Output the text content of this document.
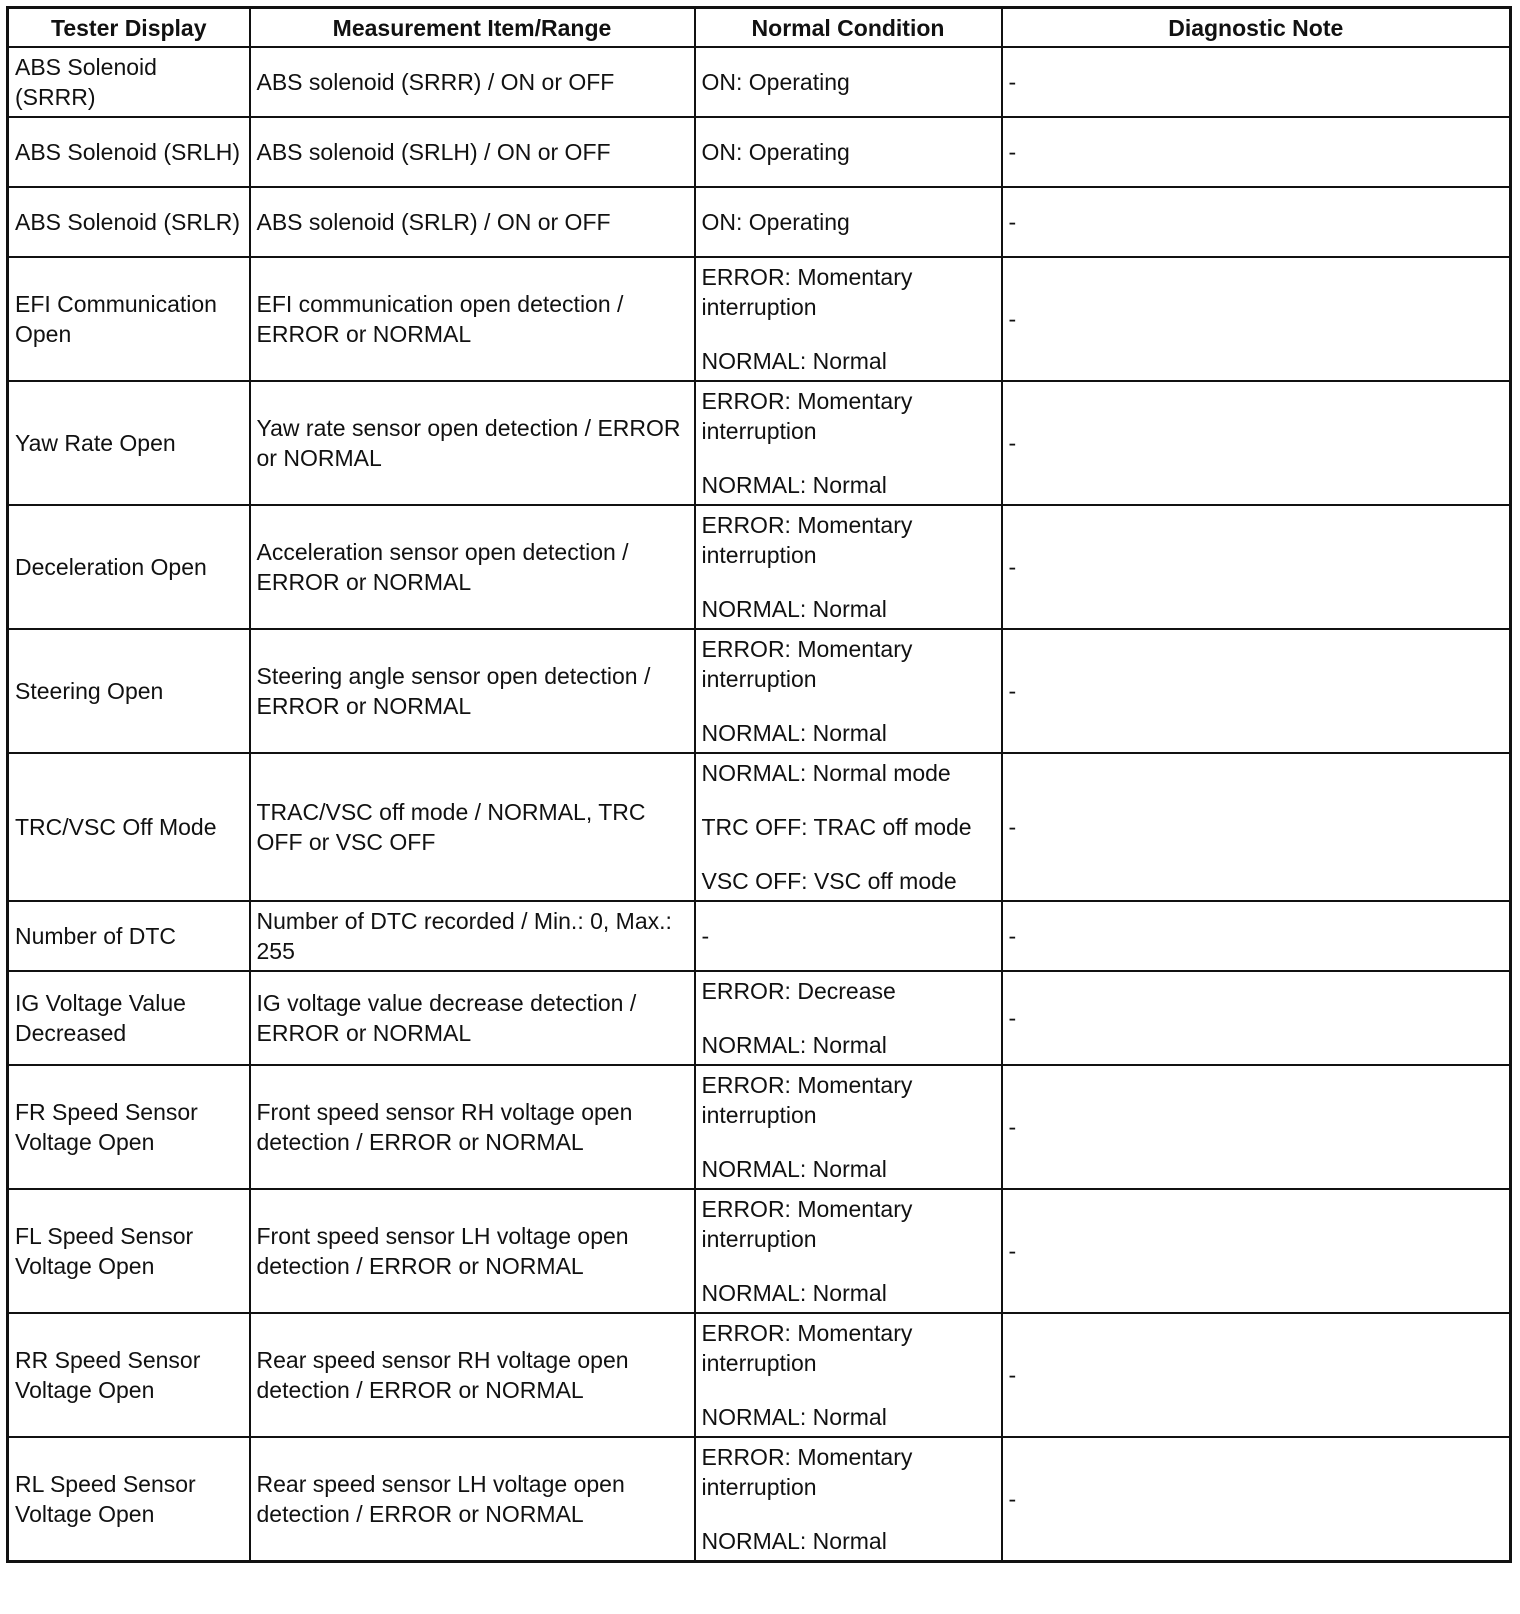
Tester Display	Measurement Item/Range	Normal Condition	Diagnostic Note
ABS Solenoid (SRRR)	ABS solenoid (SRRR) / ON or OFF	ON: Operating	-
ABS Solenoid (SRLH)	ABS solenoid (SRLH) / ON or OFF	ON: Operating	-
ABS Solenoid (SRLR)	ABS solenoid (SRLR) / ON or OFF	ON: Operating	-
EFI Communication Open	EFI communication open detection / ERROR or NORMAL	ERROR: Momentary interruption

NORMAL: Normal	-
Yaw Rate Open	Yaw rate sensor open detection / ERROR or NORMAL	ERROR: Momentary interruption

NORMAL: Normal	-
Deceleration Open	Acceleration sensor open detection / ERROR or NORMAL	ERROR: Momentary interruption

NORMAL: Normal	-
Steering Open	Steering angle sensor open detection / ERROR or NORMAL	ERROR: Momentary interruption

NORMAL: Normal	-
TRC/VSC Off Mode	TRAC/VSC off mode / NORMAL, TRC OFF or VSC OFF	NORMAL: Normal mode

TRC OFF: TRAC off mode

VSC OFF: VSC off mode	-
Number of DTC	Number of DTC recorded / Min.: 0, Max.: 255	-	-
IG Voltage Value Decreased	IG voltage value decrease detection / ERROR or NORMAL	ERROR: Decrease

NORMAL: Normal	-
FR Speed Sensor Voltage Open	Front speed sensor RH voltage open detection / ERROR or NORMAL	ERROR: Momentary interruption

NORMAL: Normal	-
FL Speed Sensor Voltage Open	Front speed sensor LH voltage open detection / ERROR or NORMAL	ERROR: Momentary interruption

NORMAL: Normal	-
RR Speed Sensor Voltage Open	Rear speed sensor RH voltage open detection / ERROR or NORMAL	ERROR: Momentary interruption

NORMAL: Normal	-
RL Speed Sensor Voltage Open	Rear speed sensor LH voltage open detection / ERROR or NORMAL	ERROR: Momentary interruption

NORMAL: Normal	-
